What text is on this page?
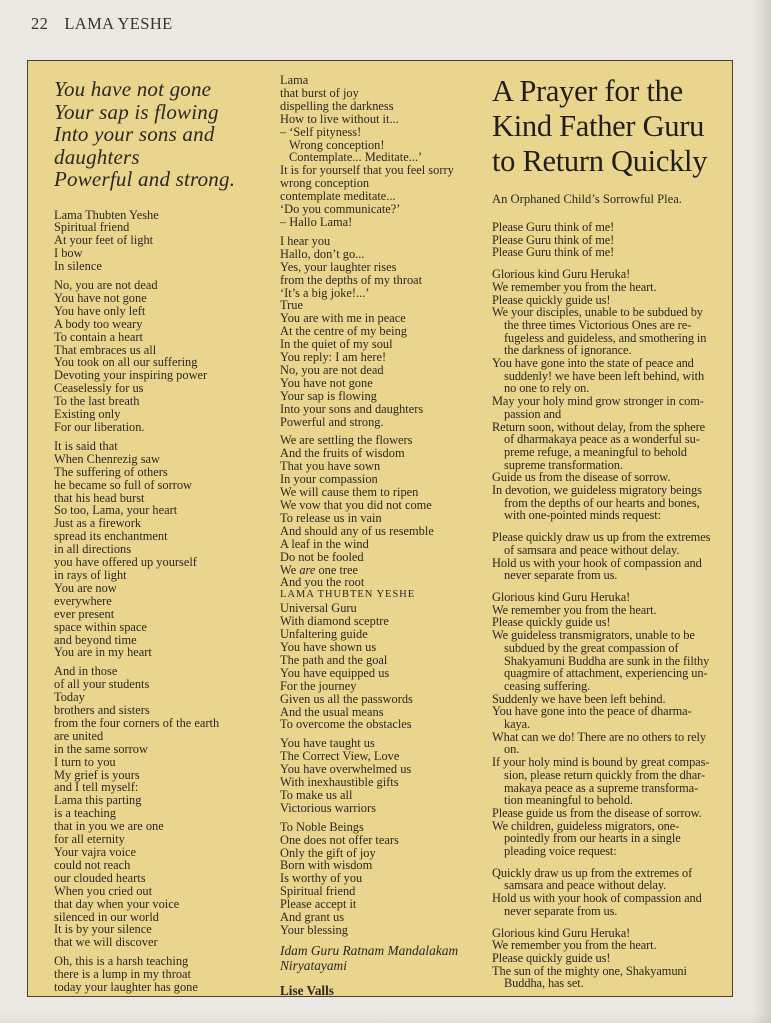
22 LAMA YESHE
You have not gone
Your sap is flowing
Into your sons and
daughters
Powerful and strong.
Lama Thubten Yeshe
Spiritual friend
At your feet of light
I bow
In silence
No, you are not dead
You have not gone
You have only left
A body too weary
To contain a heart
That embraces us all
You took on all our suffering
Devoting your inspiring power
Ceaselessly for us
To the last breath
Existing only
For our liberation.
It is said that
When Chenrezig saw
The suffering of others
he became so full of sorrow
that his head burst
So too, Lama, your heart
Just as a firework
spread its enchantment
in all directions
you have offered up yourself
in rays of light
You are now
everywhere
ever present
space within space
and beyond time
You are in my heart
And in those
of all your students
Today
brothers and sisters
from the four corners of the earth
are united
in the same sorrow
I turn to you
My grief is yours
and I tell myself:
Lama this parting
is a teaching
that in you we are one
for all eternity
Your vajra voice
could not reach
our clouded hearts
When you cried out
that day when your voice
silenced in our world
It is by your silence
that we will discover
Oh, this is a harsh teaching
there is a lump in my throat
today your laughter has gone
Lama
that burst of joy
dispelling the darkness
How to live without it...
– ‘Self pityness!
Wrong conception!
Contemplate... Meditate...’
It is for yourself that you feel sorry
wrong conception
contemplate meditate...
‘Do you communicate?’
– Hallo Lama!
I hear you
Hallo, don’t go...
Yes, your laughter rises
from the depths of my throat
‘It’s a big joke!...’
True
You are with me in peace
At the centre of my being
In the quiet of my soul
You reply: I am here!
No, you are not dead
You have not gone
Your sap is flowing
Into your sons and daughters
Powerful and strong.
We are settling the flowers
And the fruits of wisdom
That you have sown
In your compassion
We will cause them to ripen
We vow that you did not come
To release us in vain
And should any of us resemble
A leaf in the wind
Do not be fooled
We are one tree
And you the root
LAMA THUBTEN YESHE
Universal Guru
With diamond sceptre
Unfaltering guide
You have shown us
The path and the goal
You have equipped us
For the journey
Given us all the passwords
And the usual means
To overcome the obstacles
You have taught us
The Correct View, Love
You have overwhelmed us
With inexhaustible gifts
To make us all
Victorious warriors
To Noble Beings
One does not offer tears
Only the gift of joy
Born with wisdom
Is worthy of you
Spiritual friend
Please accept it
And grant us
Your blessing
Idam Guru Ratnam Mandalakam
Niryatayami
Lise Valls
A Prayer for the
Kind Father Guru
to Return Quickly
An Orphaned Child’s Sorrowful Plea.
Please Guru think of me!
Please Guru think of me!
Please Guru think of me!
Glorious kind Guru Heruka!
We remember you from the heart.
Please quickly guide us!
We your disciples, unable to be subdued by
the three times Victorious Ones are re-
fugeless and guideless, and smothering in
the darkness of ignorance.
You have gone into the state of peace and
suddenly! we have been left behind, with
no one to rely on.
May your holy mind grow stronger in com-
passion and
Return soon, without delay, from the sphere
of dharmakaya peace as a wonderful su-
preme refuge, a meaningful to behold
supreme transformation.
Guide us from the disease of sorrow.
In devotion, we guideless migratory beings
from the depths of our hearts and bones,
with one-pointed minds request:
Please quickly draw us up from the extremes
of samsara and peace without delay.
Hold us with your hook of compassion and
never separate from us.
Glorious kind Guru Heruka!
We remember you from the heart.
Please quickly guide us!
We guideless transmigrators, unable to be
subdued by the great compassion of
Shakyamuni Buddha are sunk in the filthy
quagmire of attachment, experiencing un-
ceasing suffering.
Suddenly we have been left behind.
You have gone into the peace of dharma-
kaya.
What can we do! There are no others to rely
on.
If your holy mind is bound by great compas-
sion, please return quickly from the dhar-
makaya peace as a supreme transforma-
tion meaningful to behold.
Please guide us from the disease of sorrow.
We children, guideless migrators, one-
pointedly from our hearts in a single
pleading voice request:
Quickly draw us up from the extremes of
samsara and peace without delay.
Hold us with your hook of compassion and
never separate from us.
Glorious kind Guru Heruka!
We remember you from the heart.
Please quickly guide us!
The sun of the mighty one, Shakyamuni
Buddha, has set.
